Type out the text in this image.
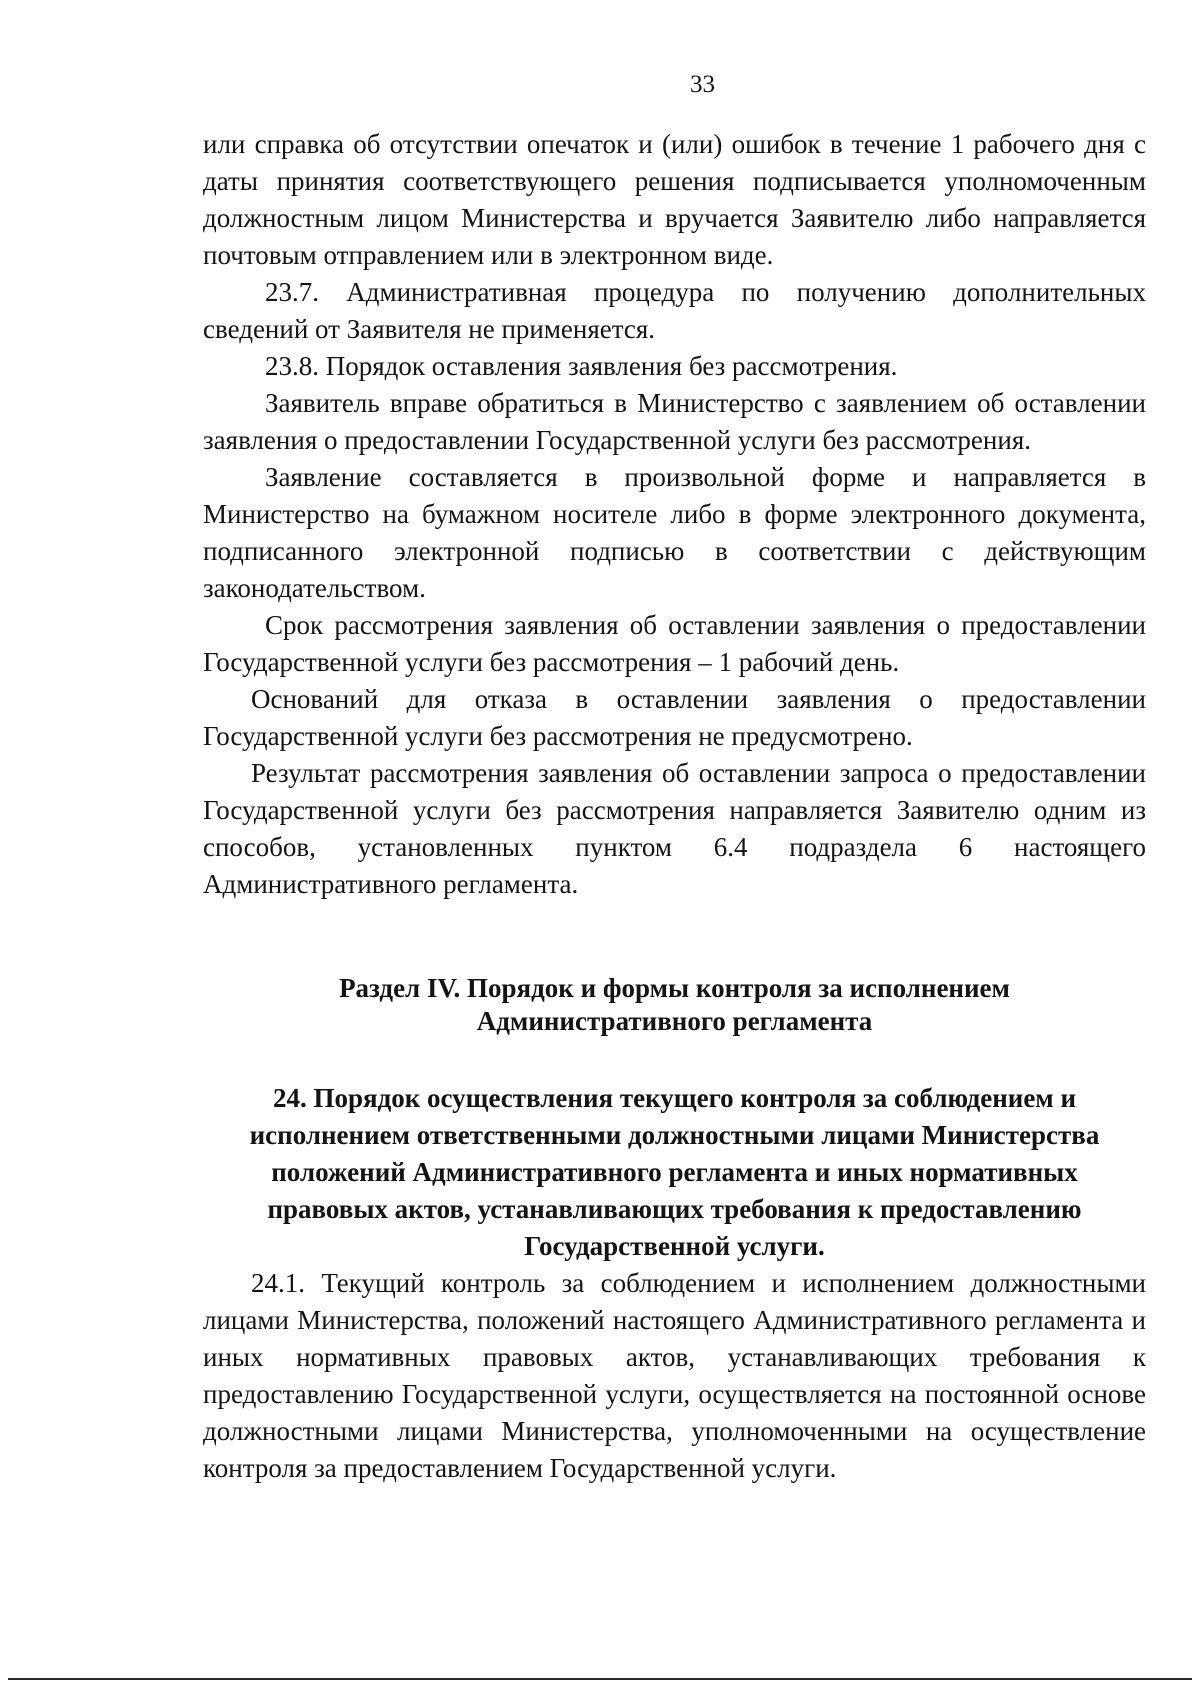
33

или справка об отсутствии опечаток и (или) ошибок в течение 1 рабочего дня с даты принятия соответствующего решения подписывается уполномоченным должностным лицом Министерства и вручается Заявителю либо направляется почтовым отправлением или в электронном виде.

23.7. Административная процедура по получению дополнительных сведений от Заявителя не применяется.

23.8. Порядок оставления заявления без рассмотрения.

Заявитель вправе обратиться в Министерство с заявлением об оставлении заявления о предоставлении Государственной услуги без рассмотрения.

Заявление составляется в произвольной форме и направляется в Министерство на бумажном носителе либо в форме электронного документа, подписанного электронной подписью в соответствии с действующим законодательством.

Срок рассмотрения заявления об оставлении заявления о предоставлении Государственной услуги без рассмотрения – 1 рабочий день.

Оснований для отказа в оставлении заявления о предоставлении Государственной услуги без рассмотрения не предусмотрено.

Результат рассмотрения заявления об оставлении запроса о предоставлении Государственной услуги без рассмотрения направляется Заявителю одним из способов, установленных пунктом 6.4 подраздела 6 настоящего Административного регламента.

Раздел IV. Порядок и формы контроля за исполнением
Административного регламента
24. Порядок осуществления текущего контроля за соблюдением и
исполнением ответственными должностными лицами Министерства
положений Административного регламента и иных нормативных
правовых актов, устанавливающих требования к предоставлению
Государственной услуги.

24.1. Текущий контроль за соблюдением и исполнением должностными лицами Министерства, положений настоящего Административного регламента и иных нормативных правовых актов, устанавливающих требования к предоставлению Государственной услуги, осуществляется на постоянной основе должностными лицами Министерства, уполномоченными на осуществление контроля за предоставлением Государственной услуги.
